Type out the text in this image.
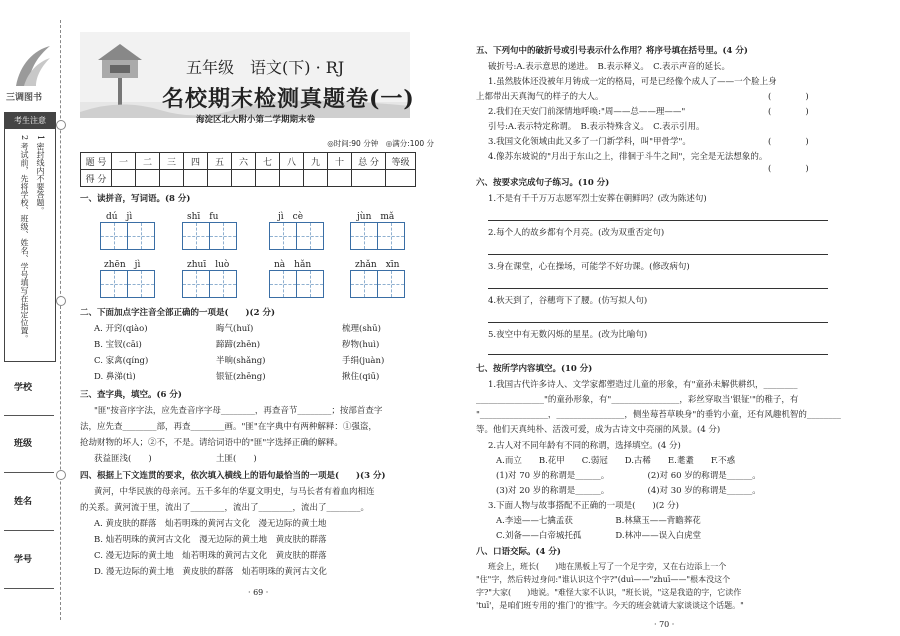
三调图书
考生注意
1 密封线内不要答题。
2 考试前，先将学校、班级、姓名、学号填写在指定位置。
学校
班级
姓名
学号
五年级　语文(下) · RJ
名校期末检测真题卷(一)
海淀区北大附小第二学期期末卷
◎时间:90 分钟　◎满分:100 分
题 号	一	二	三	四	五	六	七	八	九	十	总 分	等级
得 分												
一、读拼音，写词语。(8 分)
dú　jì	shī　fu	jì　cè	jùn　mǎ
zhēn　jì	zhuī　luò	nà　hǎn	zhǎn　xīn
二、下面加点字注音全部正确的一项是(　　)(2 分)
A. 开窍(qiào)	晦气(huǐ)	梳理(shū)
B. 宝钗(cāi)	蹄蹄(zhēn)	秽物(huì)
C. 家禽(qíng)	半晌(shǎng)	手绢(juàn)
D. 鼻涕(tì)	银钲(zhēng)	揪住(qiū)
三、查字典，填空。(6 分)
"匪"按音序字法，应先查音序字母________，再查音节________；按部首查字
法，应先查________部，再查________画。"匪"在字典中有两种解释：①强盗，
抢劫财物的坏人；②不，不是。请给词语中的"匪"字选择正确的解释。
获益匪浅(　　)	土匪(　　)
四、根据上下文连贯的要求，依次填入横线上的语句最恰当的一项是(　　)(3 分)
黄河，中华民族的母亲河。五千多年的华夏文明史，与马长者有着血肉相连
的关系。黄河流于里，流出了________，流出了________，流出了________。
A. 黄皮肤的群落　灿若明珠的黄河古文化　漫无边际的黄土地
B. 灿若明珠的黄河古文化　漫无边际的黄土地　黄皮肤的群落
C. 漫无边际的黄土地　灿若明珠的黄河古文化　黄皮肤的群落
D. 漫无边际的黄土地　黄皮肤的群落　灿若明珠的黄河古文化
· 69 ·
五、下列句中的破折号或引号表示什么作用？将序号填在括号里。(4 分)
破折号:A.表示意思的递进。　B.表示释义。　C.表示声音的延长。
1.虽然肢体还没被年月铸成一定的格局，可是已经像个成人了——一个脸上身
上都带出天真淘气的样子的大人。	(　　　　)
2.我们在天安门前深情地呼唤:"周——总——理——"	(　　　　)
引号:A.表示特定称谓。　B.表示特殊含义。　C.表示引用。
3.我国文化领域由此又多了一门新学科，叫"甲骨学"。	(　　　　)
4.像苏东坡说的"月出于东山之上，徘徊于斗牛之间"，完全是无法想象的。
(　　　　)
六、按要求完成句子练习。(10 分)
1.不是有千千万万志愿军烈士安葬在朝鲜吗？(改为陈述句)
2.每个人的故乡都有个月亮。(改为双重否定句)
3.身在课堂，心在操场，可能学不好功课。(修改病句)
4.秋天到了，谷穗弯下了腰。(仿写拟人句)
5.夜空中有无数闪烁的星星。(改为比喻句)
七、按所学内容填空。(10 分)
1.我国古代许多诗人、文学家都塑造过儿童的形象，有"童孙未解供耕织，________
________________"的童孙形象，有"________________，彩丝穿取当'银钲'"的稚子，有
"________________，________________，侧坐莓苔草映身"的垂钓小童，还有风趣机智的________
等。他们天真纯朴、活泼可爱，成为古诗文中亮丽的风景。(4 分)
2.古人对不同年龄有不同的称谓，选择填空。(4 分)
A.而立　　B.花甲　　C.弱冠　　D.古稀　　E.耄耋　　F.不惑
(1)对 70 岁的称谓是______。　　　　　(2)对 60 岁的称谓是______。
(3)对 20 岁的称谓是______。　　　　　(4)对 30 岁的称谓是______。
3.下面人物与故事搭配不正确的一项是(　　)(2 分)
A.李逵——七擒孟获　　　　　B.林黛玉——背瞻葬花
C.刘备——白帝城托孤　　　　D.林冲——误入白虎堂
八、口语交际。(4 分)
班会上，班长(　　)地在黑板上写了一个足字旁，又在右边添上一个
"住"字，然后转过身问:"谁认识这个字?"(duì——"zhuī——"根本没这个
字?"大家(　　)地说。"难怪大家不认识，"班长说，"这是我造的字，它读作
'tuī'，是咱们班专用的'推门'的'推'字。今天的班会就请大家谈谈这个话题。"
· 70 ·
